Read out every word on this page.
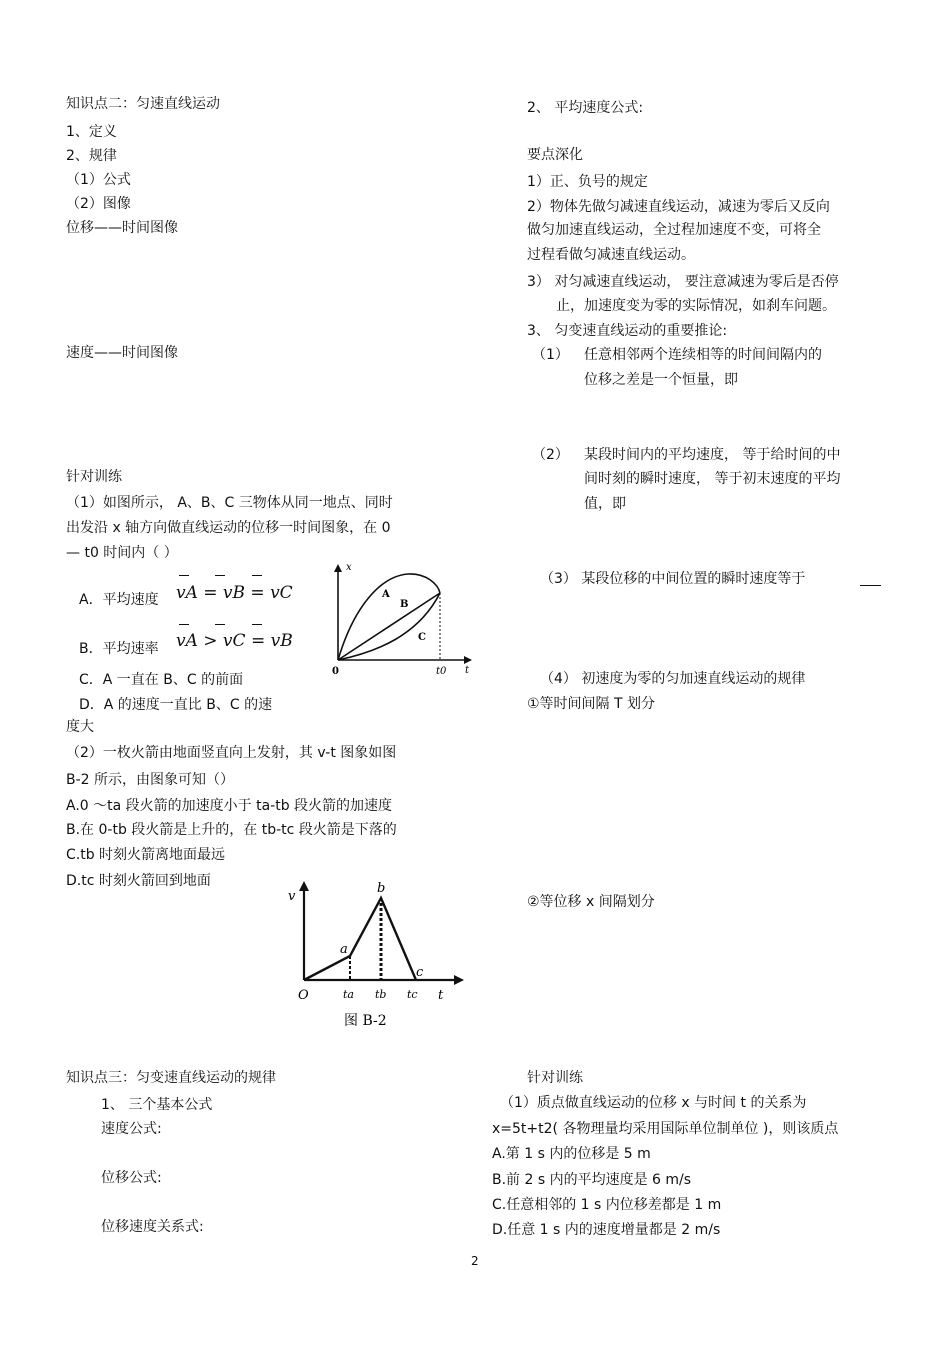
知识点二：匀速直线运动
1、定义
2、规律
（1）公式
（2）图像
位移——时间图像
速度——时间图像
针对训练
（1）如图所示， A、B、C 三物体从同一地点、同时
出发沿 x 轴方向做直线运动的位移一时间图象，在 0
— t0 时间内（ ）
A．平均速度 vA = vB = vC
B．平均速率 vA > vC = vB
C．A 一直在 B、C 的前面
D．A 的速度一直比 B、C 的速
度大
x
t
0	t0
A
B
C
（2）一枚火箭由地面竖直向上发射，其 v-t 图象如图
B-2 所示，由图象可知（）
A.0 ～ta 段火箭的加速度小于 ta-tb 段火箭的加速度
B.在 0-tb 段火箭是上升的，在 tb-tc 段火箭是下落的
C.tb 时刻火箭离地面最远
D.tc 时刻火箭回到地面
v
t
O
a
b
c
ta tb tc
图 B-2
2、 平均速度公式:
要点深化
1）正、负号的规定
2）物体先做匀减速直线运动，减速为零后又反向
做匀加速直线运动，全过程加速度不变，可将全
过程看做匀减速直线运动。
3） 对匀减速直线运动， 要注意减速为零后是否停
止，加速度变为零的实际情况，如刹车问题。
3、 匀变速直线运动的重要推论:
（1） 任意相邻两个连续相等的时间间隔内的
位移之差是一个恒量，即
（2） 某段时间内的平均速度， 等于给时间的中
间时刻的瞬时速度， 等于初末速度的平均
值，即
（3） 某段位移的中间位置的瞬时速度等于
（4） 初速度为零的匀加速直线运动的规律
①等时间间隔 T 划分
②等位移 x 间隔划分
知识点三：匀变速直线运动的规律
1、 三个基本公式
速度公式:
位移公式:
位移速度关系式:
针对训练
（1）质点做直线运动的位移 x 与时间 t 的关系为
x=5t+t2( 各物理量均采用国际单位制单位 )，则该质点
A.第 1 s 内的位移是 5 m
B.前 2 s 内的平均速度是 6 m/s
C.任意相邻的 1 s 内位移差都是 1 m
D.任意 1 s 内的速度增量都是 2 m/s
2
